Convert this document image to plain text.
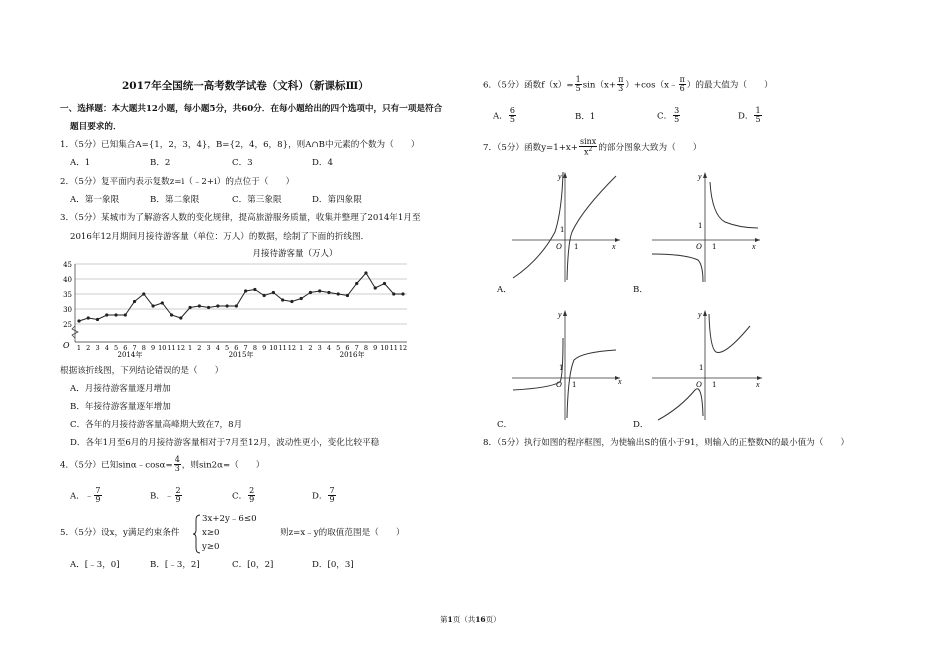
2017年全国统一高考数学试卷（文科）（新课标Ⅲ）
一、选择题：本大题共12小题，每小题5分，共60分．在每小题给出的四个选项中，只有一项是符合
题目要求的．
1．（5分）已知集合A={1，2，3，4}，B={2，4，6，8}，则A∩B中元素的个数为（　　）
A．1	B．2	C．3	D．4
2．（5分）复平面内表示复数z=i（﹣2+i）的点位于（　　）
A．第一象限	B．第二象限	C．第三象限	D．第四象限
3．（5分）某城市为了解游客人数的变化规律，提高旅游服务质量，收集并整理了2014年1月至
2016年12月期间月接待游客量（单位：万人）的数据，绘制了下面的折线图．
月接待游客量（万人）
25
30
35
40
45
O 1 2 3 4 5 6 7 8 9 10 11 12 1 2 3 4 5 6 7 8 9 10 11 12 1 2 3 4 5 6 7 8 9 10 11 12
2014年	2015年	2016年
根据该折线图，下列结论错误的是（　　）
A．月接待游客量逐月增加
B．年接待游客量逐年增加
C．各年的月接待游客量高峰期大致在7，8月
D．各年1月至6月的月接待游客量相对于7月至12月，波动性更小，变化比较平稳
4．（5分）已知sinα﹣cosα= $\frac{4}{3}$ ，则sin2α=（　　）
A．﹣ $\frac{7}{9}$	B．﹣ $\frac{2}{9}$	C． $\frac{2}{9}$	D． $\frac{7}{9}$
5．（5分）设x，y满足约束条件
3x+2y﹣6≤0
x≥0
y≥0
则z=x﹣y的取值范围是（　　）
A．[﹣3，0]	B．[﹣3，2]	C．[0，2]	D．[0，3]
6．（5分）函数$f(x)= \frac{1}{5} \sin(x+ \frac{\pi}{3}$ ）+cos（x﹣ $\frac{\pi}{6}$ ）的最大值为（　　）
A． $\frac{6}{5}$	B．1	C． $\frac{3}{5}$	D． $\frac{1}{5}$
7．（5分）函数$y=1+x+ \frac{\sin x}{x^2}$ 的部分图象大致为（　　）
x
y
O 1
1
A．
x
y
O 1
1
B．
x
y
O 1
1
C．
x
y
O 1
1
D．
8．（5分）执行如图的程序框图，为使输出S的值小于91，则输入的正整数N的最小值为（　　）
第1页（共16页）
